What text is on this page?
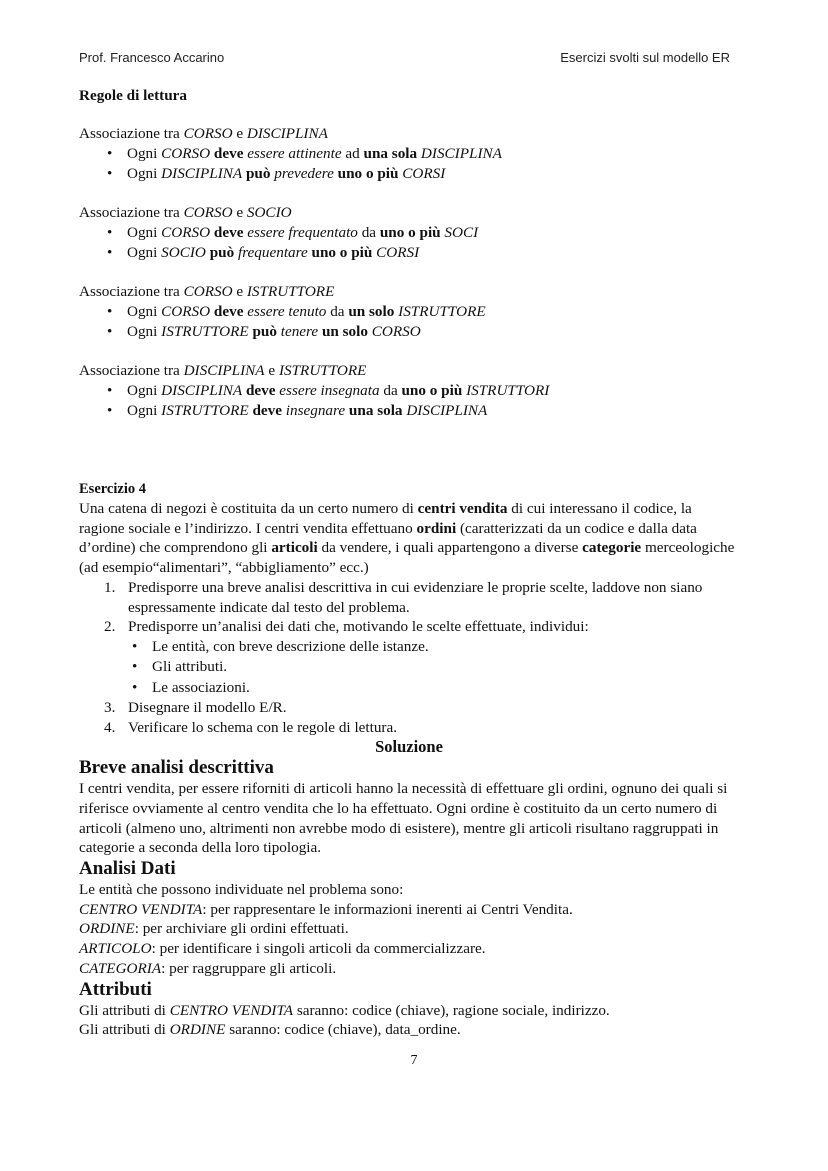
Prof. Francesco Accarino	Esercizi svolti sul modello ER

Regole di lettura

Associazione tra CORSO e DISCIPLINA

• Ogni CORSO deve essere attinente ad una sola DISCIPLINA
• Ogni DISCIPLINA può prevedere uno o più CORSI

Associazione tra CORSO e SOCIO

• Ogni CORSO deve essere frequentato da uno o più SOCI
• Ogni SOCIO può frequentare uno o più CORSI

Associazione tra CORSO e ISTRUTTORE

• Ogni CORSO deve essere tenuto da un solo ISTRUTTORE
• Ogni ISTRUTTORE può tenere un solo CORSO

Associazione tra DISCIPLINA e ISTRUTTORE

• Ogni DISCIPLINA deve essere insegnata da uno o più ISTRUTTORI
• Ogni ISTRUTTORE deve insegnare una sola DISCIPLINA

Esercizio 4

Una catena di negozi è costituita da un certo numero di centri vendita di cui interessano il codice, la ragione sociale e l’indirizzo. I centri vendita effettuano ordini (caratterizzati da un codice e dalla data d’ordine) che comprendono gli articoli da vendere, i quali appartengono a diverse categorie merceologiche (ad esempio“alimentari”, “abbigliamento” ecc.)

1. Predisporre una breve analisi descrittiva in cui evidenziare le proprie scelte, laddove non siano espressamente indicate dal testo del problema.
2. Predisporre un’analisi dei dati che, motivando le scelte effettuate, individui:
• Le entità, con breve descrizione delle istanze.
• Gli attributi.
• Le associazioni.
3. Disegnare il modello E/R.
4. Verificare lo schema con le regole di lettura.

Soluzione

Breve analisi descrittiva

I centri vendita, per essere riforniti di articoli hanno la necessità di effettuare gli ordini, ognuno dei quali si riferisce ovviamente al centro vendita che lo ha effettuato. Ogni ordine è costituito da un certo numero di articoli (almeno uno, altrimenti non avrebbe modo di esistere), mentre gli articoli risultano raggruppati in categorie a seconda della loro tipologia.

Analisi Dati

Le entità che possono individuate nel problema sono:

CENTRO VENDITA: per rappresentare le informazioni inerenti ai Centri Vendita.

ORDINE: per archiviare gli ordini effettuati.

ARTICOLO: per identificare i singoli articoli da commercializzare.

CATEGORIA: per raggruppare gli articoli.

Attributi

Gli attributi di CENTRO VENDITA saranno: codice (chiave), ragione sociale, indirizzo.

Gli attributi di ORDINE saranno: codice (chiave), data_ordine.

7
